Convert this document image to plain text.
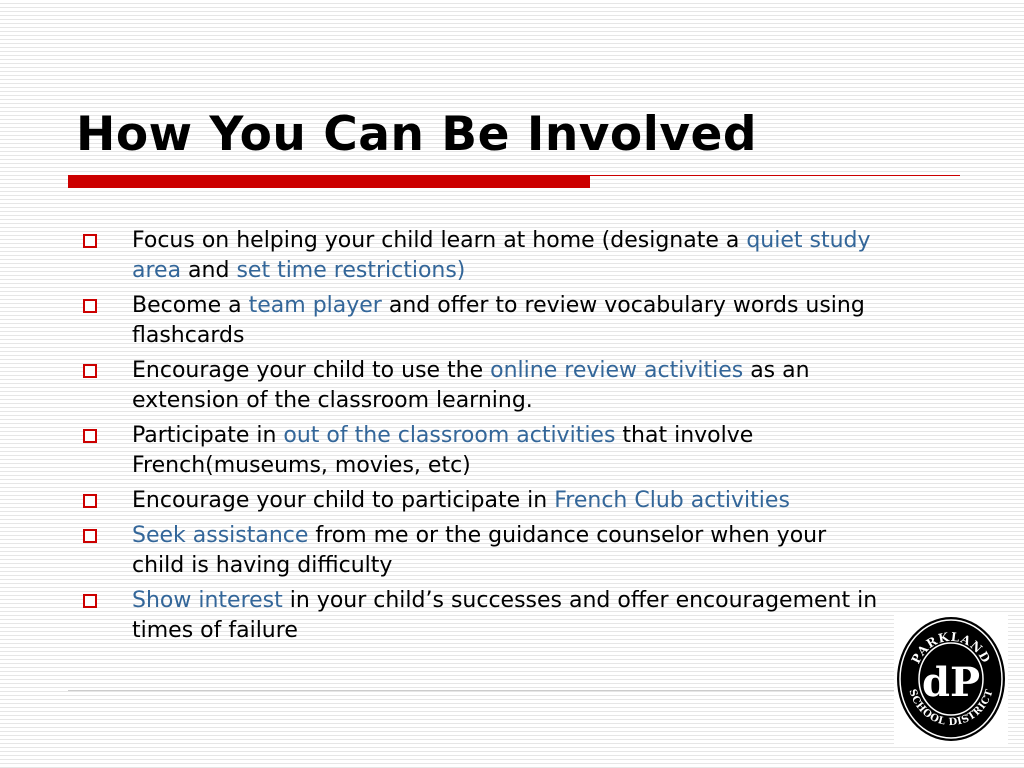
How You Can Be Involved
Focus on helping your child learn at home (designate a quiet study area and set time restrictions)
Become a team player and offer to review vocabulary words using flashcards
Encourage your child to use the online review activities as an extension of the classroom learning.
Participate in out of the classroom activities that involve French(museums, movies, etc)
Encourage your child to participate in French Club activities
Seek assistance from me or the guidance counselor when your child is having difficulty
Show interest in your child’s successes and offer encouragement in times of failure
PARKLAND
SCHOOL DISTRICT
dP
